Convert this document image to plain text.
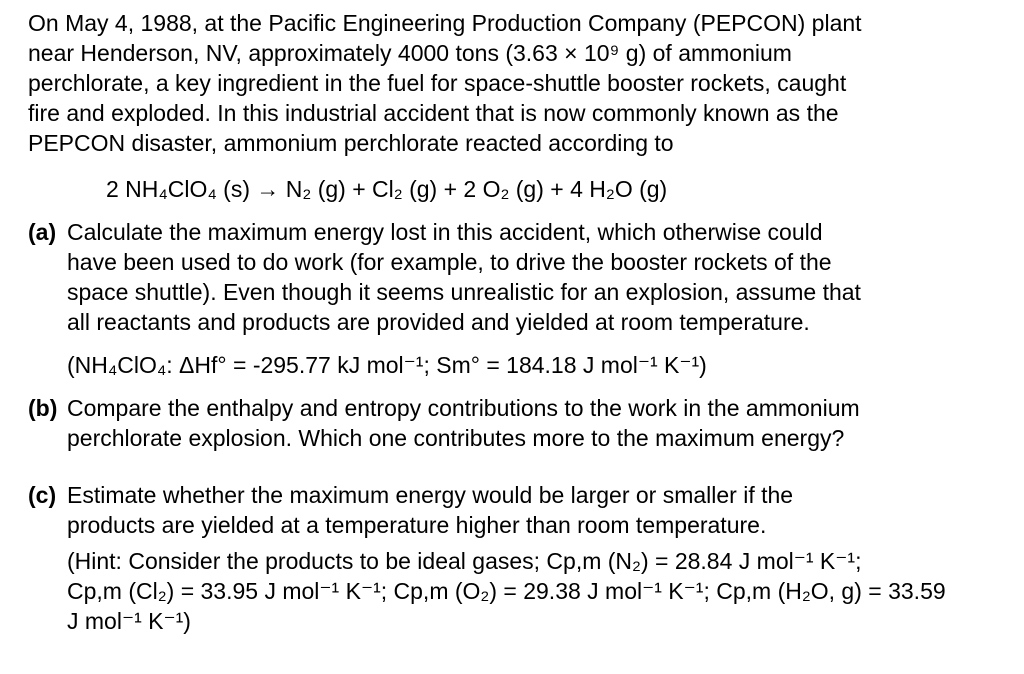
On May 4, 1988, at the Pacific Engineering Production Company (PEPCON) plant
near Henderson, NV, approximately 4000 tons (3.63 × 10⁹ g) of ammonium
perchlorate, a key ingredient in the fuel for space-shuttle booster rockets, caught
fire and exploded. In this industrial accident that is now commonly known as the
PEPCON disaster, ammonium perchlorate reacted according to
2 NH₄ClO₄ (s) → N₂ (g) + Cl₂ (g) + 2 O₂ (g) + 4 H₂O (g)
(a) Calculate the maximum energy lost in this accident, which otherwise could
have been used to do work (for example, to drive the booster rockets of the
space shuttle). Even though it seems unrealistic for an explosion, assume that
all reactants and products are provided and yielded at room temperature.
(NH₄ClO₄: ΔHf° = -295.77 kJ mol⁻¹; Sm° = 184.18 J mol⁻¹ K⁻¹)
(b) Compare the enthalpy and entropy contributions to the work in the ammonium
perchlorate explosion. Which one contributes more to the maximum energy?
(c) Estimate whether the maximum energy would be larger or smaller if the
products are yielded at a temperature higher than room temperature.
(Hint: Consider the products to be ideal gases; Cp,m (N₂) = 28.84 J mol⁻¹ K⁻¹;
Cp,m (Cl₂) = 33.95 J mol⁻¹ K⁻¹; Cp,m (O₂) = 29.38 J mol⁻¹ K⁻¹; Cp,m (H₂O, g) = 33.59
J mol⁻¹ K⁻¹)
